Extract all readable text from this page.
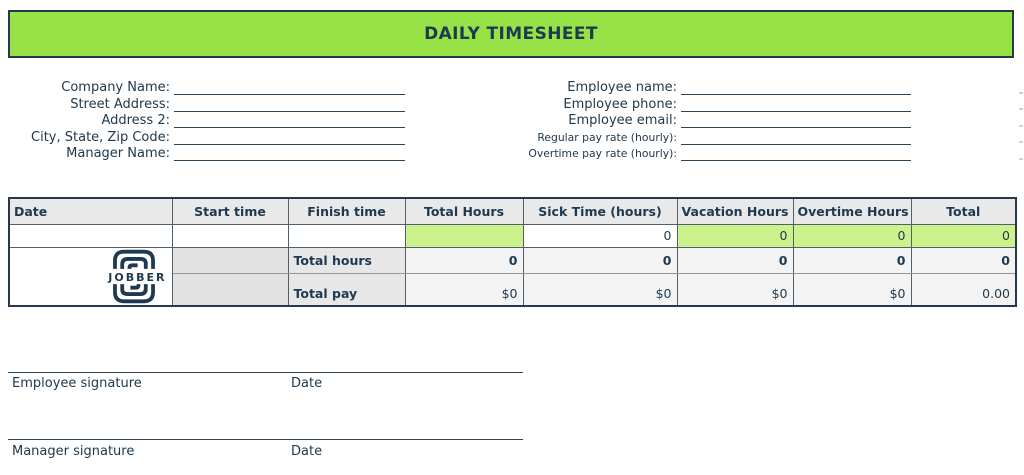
DAILY TIMESHEET
Company Name:
Street Address:
Address 2:
City, State, Zip Code:
Manager Name:
Employee name:
Employee phone:
Employee email:
Regular pay rate (hourly):
Overtime pay rate (hourly):
Date	Start time	Finish time	Total Hours	Sick Time (hours)	Vacation Hours	Overtime Hours	Total
				0	0	0	0

JOBBER		Total hours	0	0	0	0	0
		Total pay	$0	$0	$0	$0	0.00
Employee signature	Date
Manager signature	Date
